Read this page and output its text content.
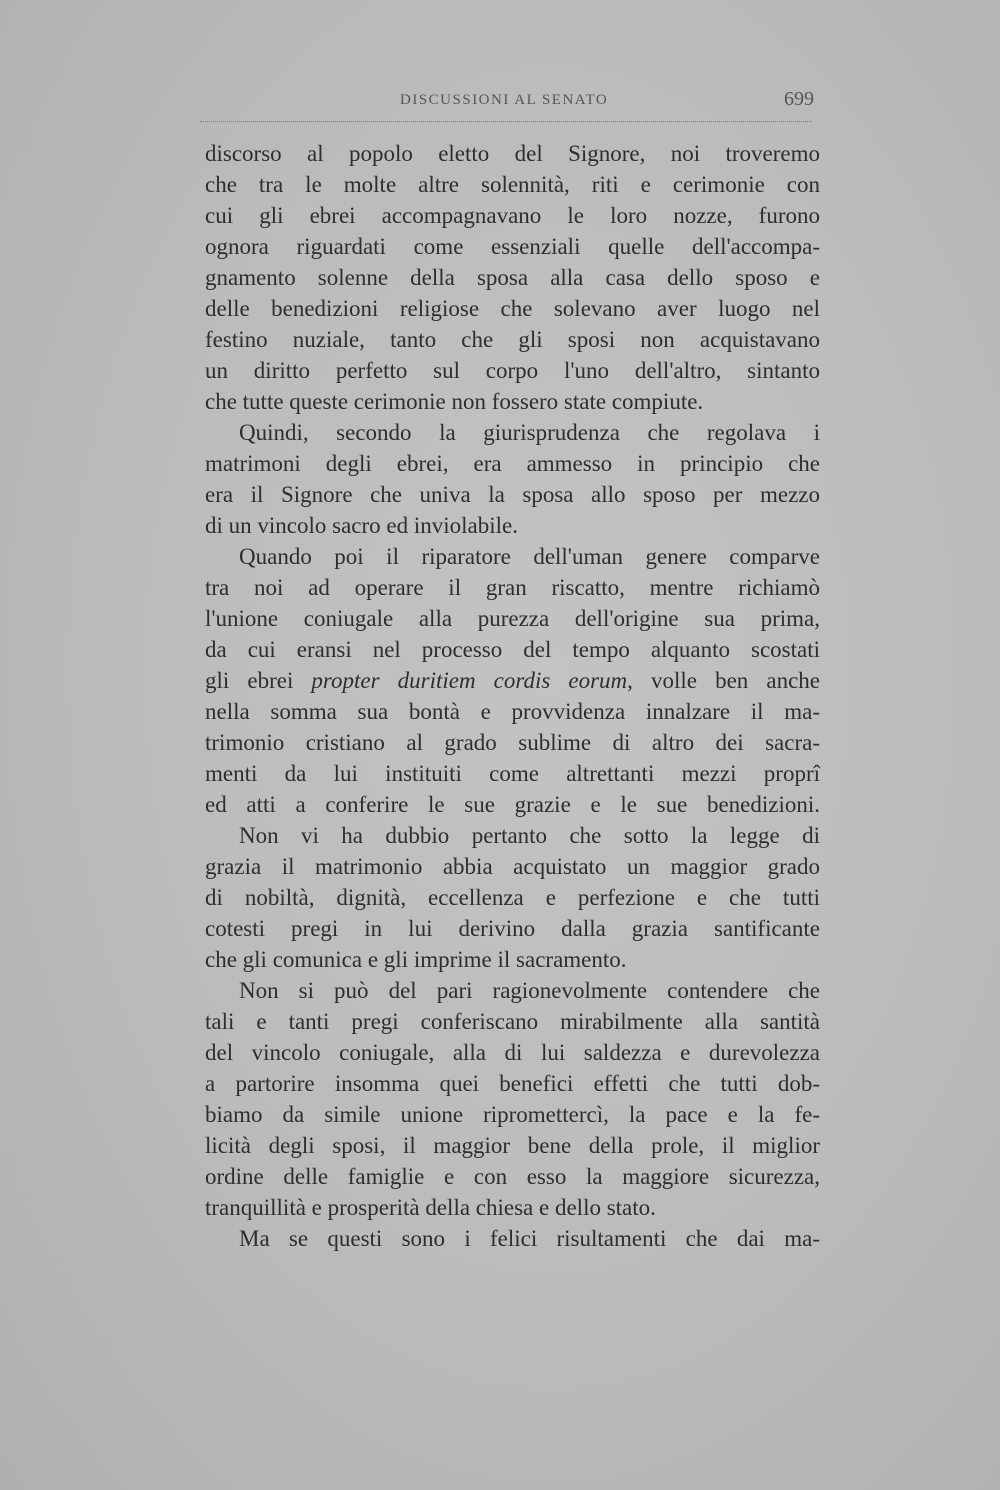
DISCUSSIONI AL SENATO	699
discorso al popolo eletto del Signore, noi troveremo
che tra le molte altre solennità, riti e cerimonie con
cui gli ebrei accompagnavano le loro nozze, furono
ognora riguardati come essenziali quelle dell'accompa-
gnamento solenne della sposa alla casa dello sposo e
delle benedizioni religiose che solevano aver luogo nel
festino nuziale, tanto che gli sposi non acquistavano
un diritto perfetto sul corpo l'uno dell'altro, sintanto
che tutte queste cerimonie non fossero state compiute.
Quindi, secondo la giurisprudenza che regolava i
matrimoni degli ebrei, era ammesso in principio che
era il Signore che univa la sposa allo sposo per mezzo
di un vincolo sacro ed inviolabile.
Quando poi il riparatore dell'uman genere comparve
tra noi ad operare il gran riscatto, mentre richiamò
l'unione coniugale alla purezza dell'origine sua prima,
da cui eransi nel processo del tempo alquanto scostati
gli ebrei propter duritiem cordis eorum, volle ben anche
nella somma sua bontà e provvidenza innalzare il ma-
trimonio cristiano al grado sublime di altro dei sacra-
menti da lui instituiti come altrettanti mezzi proprî
ed atti a conferire le sue grazie e le sue benedizioni.
Non vi ha dubbio pertanto che sotto la legge di
grazia il matrimonio abbia acquistato un maggior grado
di nobiltà, dignità, eccellenza e perfezione e che tutti
cotesti pregi in lui derivino dalla grazia santificante
che gli comunica e gli imprime il sacramento.
Non si può del pari ragionevolmente contendere che
tali e tanti pregi conferiscano mirabilmente alla santità
del vincolo coniugale, alla di lui saldezza e durevolezza
a partorire insomma quei benefici effetti che tutti dob-
biamo da simile unione ripromettercì, la pace e la fe-
licità degli sposi, il maggior bene della prole, il miglior
ordine delle famiglie e con esso la maggiore sicurezza,
tranquillità e prosperità della chiesa e dello stato.
Ma se questi sono i felici risultamenti che dai ma-
